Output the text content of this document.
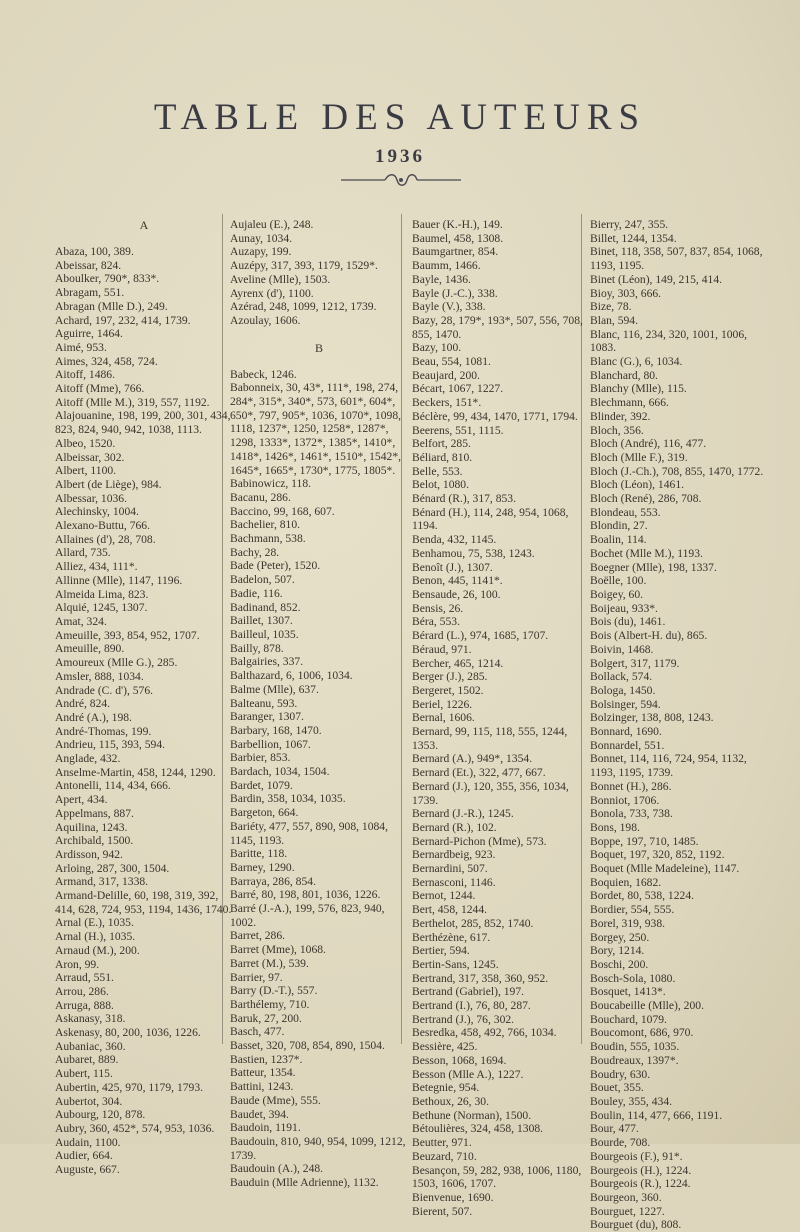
TABLE DES AUTEURS
1936
A
Abaza, 100, 389.
Abeissar, 824.
Aboulker, 790*, 833*.
Abragam, 551.
Abragan (Mlle D.), 249.
Achard, 197, 232, 414, 1739.
Aguirre, 1464.
Aimé, 953.
Aimes, 324, 458, 724.
Aitoff, 1486.
Aitoff (Mme), 766.
Aitoff (Mlle M.), 319, 557, 1192.
Alajouanine, 198, 199, 200, 301, 434, 823, 824, 940, 942, 1038, 1113.
Albeo, 1520.
Albeissar, 302.
Albert, 1100.
Albert (de Liège), 984.
Albessar, 1036.
Alechinsky, 1004.
Alexano-Buttu, 766.
Allaines (d'), 28, 708.
Allard, 735.
Alliez, 434, 111*.
Allinne (Mlle), 1147, 1196.
Almeida Lima, 823.
Alquié, 1245, 1307.
Amat, 324.
Ameuille, 393, 854, 952, 1707.
Ameuille, 890.
Amoureux (Mlle G.), 285.
Amsler, 888, 1034.
Andrade (C. d'), 576.
André, 824.
André (A.), 198.
André-Thomas, 199.
Andrieu, 115, 393, 594.
Anglade, 432.
Anselme-Martin, 458, 1244, 1290.
Antonelli, 114, 434, 666.
Apert, 434.
Appelmans, 887.
Aquilina, 1243.
Archibald, 1500.
Ardisson, 942.
Arloing, 287, 300, 1504.
Armand, 317, 1338.
Armand-Delille, 60, 198, 319, 392, 414, 628, 724, 953, 1194, 1436, 1740.
Arnal (E.), 1035.
Arnal (H.), 1035.
Arnaud (M.), 200.
Aron, 99.
Arraud, 551.
Arrou, 286.
Arruga, 888.
Askanasy, 318.
Askenasy, 80, 200, 1036, 1226.
Aubaniac, 360.
Aubaret, 889.
Aubert, 115.
Aubertin, 425, 970, 1179, 1793.
Aubertot, 304.
Aubourg, 120, 878.
Aubry, 360, 452*, 574, 953, 1036.
Audain, 1100.
Audier, 664.
Auguste, 667.
Aujaleu (E.), 248.
Aunay, 1034.
Auzapy, 199.
Auzépy, 317, 393, 1179, 1529*.
Aveline (Mlle), 1503.
Ayrenx (d'), 1100.
Azérad, 248, 1099, 1212, 1739.
Azoulay, 1606.
B
Babeck, 1246.
Babonneix, 30, 43*, 111*, 198, 274, 284*, 315*, 340*, 573, 601*, 604*, 650*, 797, 905*, 1036, 1070*, 1098, 1118, 1237*, 1250, 1258*, 1287*, 1298, 1333*, 1372*, 1385*, 1410*, 1418*, 1426*, 1461*, 1510*, 1542*, 1645*, 1665*, 1730*, 1775, 1805*.
Babinowicz, 118.
Bacanu, 286.
Baccino, 99, 168, 607.
Bachelier, 810.
Bachmann, 538.
Bachy, 28.
Bade (Peter), 1520.
Badelon, 507.
Badie, 116.
Badinand, 852.
Baillet, 1307.
Bailleul, 1035.
Bailly, 878.
Balgairies, 337.
Balthazard, 6, 1006, 1034.
Balme (Mlle), 637.
Balteanu, 593.
Baranger, 1307.
Barbary, 168, 1470.
Barbellion, 1067.
Barbier, 853.
Bardach, 1034, 1504.
Bardet, 1079.
Bardin, 358, 1034, 1035.
Bargeton, 664.
Bariéty, 477, 557, 890, 908, 1084, 1145, 1193.
Baritte, 118.
Barney, 1290.
Barraya, 286, 854.
Barré, 80, 198, 801, 1036, 1226.
Barré (J.-A.), 199, 576, 823, 940, 1002.
Barret, 286.
Barret (Mme), 1068.
Barret (M.), 539.
Barrier, 97.
Barry (D.-T.), 557.
Barthélemy, 710.
Baruk, 27, 200.
Basch, 477.
Basset, 320, 708, 854, 890, 1504.
Bastien, 1237*.
Batteur, 1354.
Battini, 1243.
Baude (Mme), 555.
Baudet, 394.
Baudoin, 1191.
Baudouin, 810, 940, 954, 1099, 1212, 1739.
Baudouin (A.), 248.
Bauduin (Mlle Adrienne), 1132.
Bauer (K.-H.), 149.
Baumel, 458, 1308.
Baumgartner, 854.
Baumm, 1466.
Bayle, 1436.
Bayle (J.-C.), 338.
Bayle (V.), 338.
Bazy, 28, 179*, 193*, 507, 556, 708, 855, 1470.
Bazy, 100.
Beau, 554, 1081.
Beaujard, 200.
Bécart, 1067, 1227.
Beckers, 151*.
Béclère, 99, 434, 1470, 1771, 1794.
Beerens, 551, 1115.
Belfort, 285.
Béliard, 810.
Belle, 553.
Belot, 1080.
Bénard (R.), 317, 853.
Bénard (H.), 114, 248, 954, 1068, 1194.
Benda, 432, 1145.
Benhamou, 75, 538, 1243.
Benoît (J.), 1307.
Benon, 445, 1141*.
Bensaude, 26, 100.
Bensis, 26.
Béra, 553.
Bérard (L.), 974, 1685, 1707.
Béraud, 971.
Bercher, 465, 1214.
Berger (J.), 285.
Bergeret, 1502.
Beriel, 1226.
Bernal, 1606.
Bernard, 99, 115, 118, 555, 1244, 1353.
Bernard (A.), 949*, 1354.
Bernard (Et.), 322, 477, 667.
Bernard (J.), 120, 355, 356, 1034, 1739.
Bernard (J.-R.), 1245.
Bernard (R.), 102.
Bernard-Pichon (Mme), 573.
Bernardbeig, 923.
Bernardini, 507.
Bernasconi, 1146.
Bernot, 1244.
Bert, 458, 1244.
Berthelot, 285, 852, 1740.
Berthézène, 617.
Bertier, 594.
Bertin-Sans, 1245.
Bertrand, 317, 358, 360, 952.
Bertrand (Gabriel), 197.
Bertrand (I.), 76, 80, 287.
Bertrand (J.), 76, 302.
Besredka, 458, 492, 766, 1034.
Bessière, 425.
Besson, 1068, 1694.
Besson (Mlle A.), 1227.
Betegnie, 954.
Bethoux, 26, 30.
Bethune (Norman), 1500.
Bétoulières, 324, 458, 1308.
Beutter, 971.
Beuzard, 710.
Besançon, 59, 282, 938, 1006, 1180, 1503, 1606, 1707.
Bienvenue, 1690.
Bierent, 507.
Bierry, 247, 355.
Billet, 1244, 1354.
Binet, 118, 358, 507, 837, 854, 1068, 1193, 1195.
Binet (Léon), 149, 215, 414.
Bioy, 303, 666.
Bize, 78.
Blan, 594.
Blanc, 116, 234, 320, 1001, 1006, 1083.
Blanc (G.), 6, 1034.
Blanchard, 80.
Blanchy (Mlle), 115.
Blechmann, 666.
Blinder, 392.
Bloch, 356.
Bloch (André), 116, 477.
Bloch (Mlle F.), 319.
Bloch (J.-Ch.), 708, 855, 1470, 1772.
Bloch (Léon), 1461.
Bloch (René), 286, 708.
Blondeau, 553.
Blondin, 27.
Boalin, 114.
Bochet (Mlle M.), 1193.
Boegner (Mlle), 198, 1337.
Boëlle, 100.
Boigey, 60.
Boijeau, 933*.
Bois (du), 1461.
Bois (Albert-H. du), 865.
Boivin, 1468.
Bolgert, 317, 1179.
Bollack, 574.
Bologa, 1450.
Bolsinger, 594.
Bolzinger, 138, 808, 1243.
Bonnard, 1690.
Bonnardel, 551.
Bonnet, 114, 116, 724, 954, 1132, 1193, 1195, 1739.
Bonnet (H.), 286.
Bonniot, 1706.
Bonola, 733, 738.
Bons, 198.
Boppe, 197, 710, 1485.
Boquet, 197, 320, 852, 1192.
Boquet (Mlle Madeleine), 1147.
Boquien, 1682.
Bordet, 80, 538, 1224.
Bordier, 554, 555.
Borel, 319, 938.
Borgey, 250.
Bory, 1214.
Boschi, 200.
Bosch-Sola, 1080.
Bosquet, 1413*.
Boucabeille (Mlle), 200.
Bouchard, 1079.
Boucomont, 686, 970.
Boudin, 555, 1035.
Boudreaux, 1397*.
Boudry, 630.
Bouet, 355.
Bouley, 355, 434.
Boulin, 114, 477, 666, 1191.
Bour, 477.
Bourde, 708.
Bourgeois (F.), 91*.
Bourgeois (H.), 1224.
Bourgeois (R.), 1224.
Bourgeon, 360.
Bourguet, 1227.
Bourguet (du), 808.
